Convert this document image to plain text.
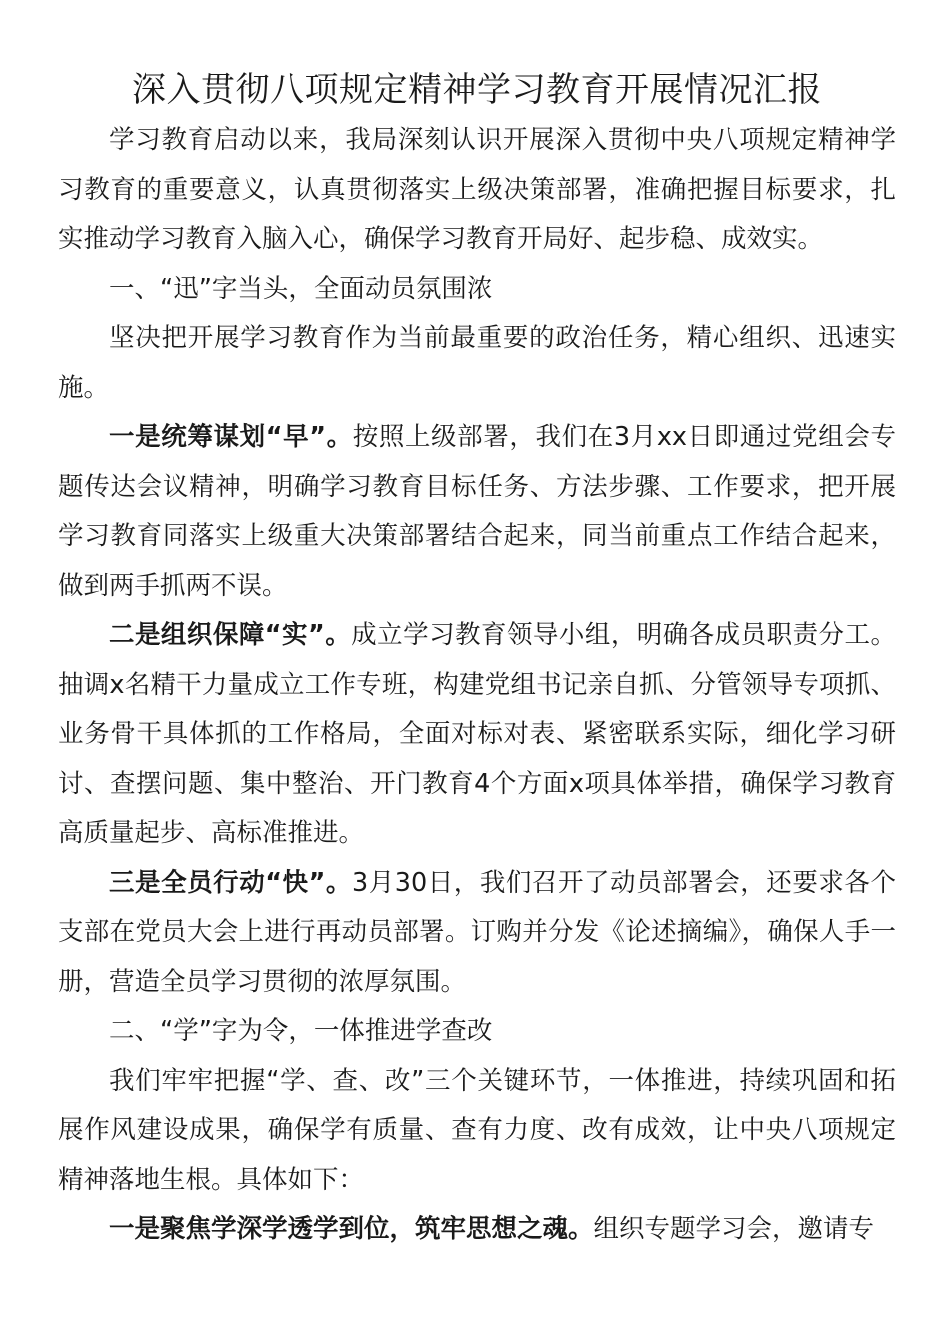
深入贯彻八项规定精神学习教育开展情况汇报

学习教育启动以来，我局深刻认识开展深入贯彻中央八项规定精神学习教育的重要意义，认真贯彻落实上级决策部署，准确把握目标要求，扎实推动学习教育入脑入心，确保学习教育开局好、起步稳、成效实。

一、“迅”字当头，全面动员氛围浓

坚决把开展学习教育作为当前最重要的政治任务，精心组织、迅速实施。

一是统筹谋划“早”。按照上级部署，我们在3月xx日即通过党组会专题传达会议精神，明确学习教育目标任务、方法步骤、工作要求，把开展学习教育同落实上级重大决策部署结合起来，同当前重点工作结合起来，做到两手抓两不误。

二是组织保障“实”。成立学习教育领导小组，明确各成员职责分工。抽调x名精干力量成立工作专班，构建党组书记亲自抓、分管领导专项抓、业务骨干具体抓的工作格局，全面对标对表、紧密联系实际，细化学习研讨、查摆问题、集中整治、开门教育4个方面x项具体举措，确保学习教育高质量起步、高标准推进。

三是全员行动“快”。3月30日，我们召开了动员部署会，还要求各个支部在党员大会上进行再动员部署。订购并分发《论述摘编》，确保人手一册，营造全员学习贯彻的浓厚氛围。

二、“学”字为令，一体推进学查改

我们牢牢把握“学、查、改”三个关键环节，一体推进，持续巩固和拓展作风建设成果，确保学有质量、查有力度、改有成效，让中央八项规定精神落地生根。具体如下：

一是聚焦学深学透学到位，筑牢思想之魂。组织专题学习会，邀请专
